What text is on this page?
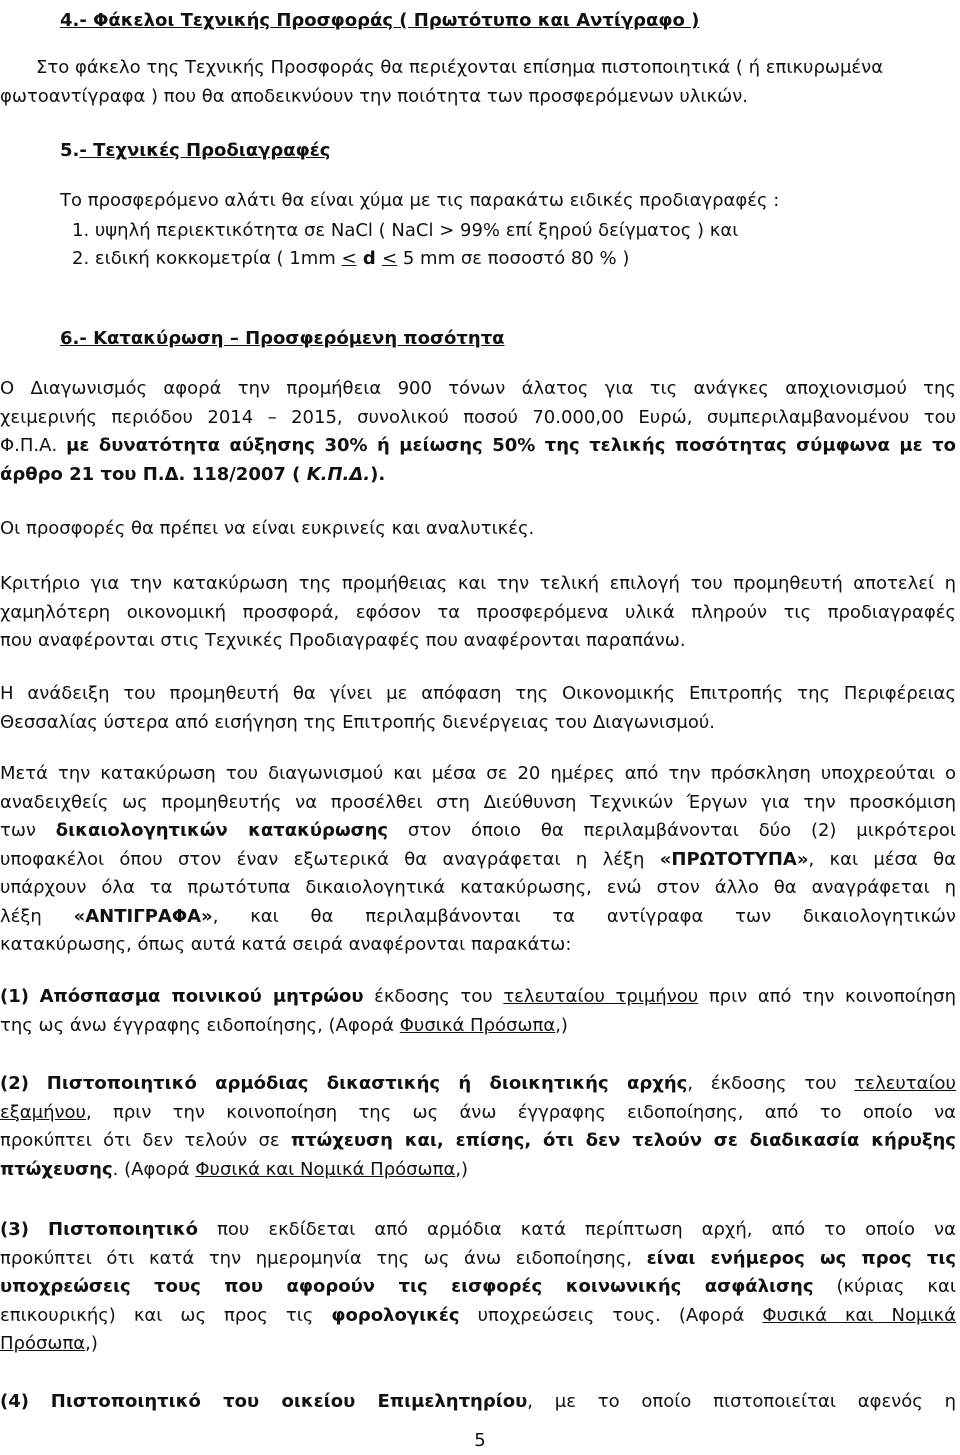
4.- Φάκελοι Τεχνικής Προσφοράς ( Πρωτότυπο και Αντίγραφο )
Στο φάκελο της Τεχνικής Προσφοράς θα περιέχονται επίσημα πιστοποιητικά ( ή επικυρωμένα
φωτοαντίγραφα ) που θα αποδεικνύουν την ποιότητα των προσφερόμενων υλικών.
5.- Τεχνικές Προδιαγραφές
Το προσφερόμενο αλάτι θα είναι χύμα με τις παρακάτω ειδικές προδιαγραφές :
1. υψηλή περιεκτικότητα σε NaCl ( NaCl > 99% επί ξηρού δείγματος ) και
2. ειδική κοκκομετρία ( 1mm < d < 5 mm σε ποσοστό 80 % )
6.- Κατακύρωση – Προσφερόμενη ποσότητα
Ο Διαγωνισμός αφορά την προμήθεια 900 τόνων άλατος για τις ανάγκες αποχιονισμού της
χειμερινής περιόδου 2014 – 2015, συνολικού ποσού 70.000,00 Ευρώ, συμπεριλαμβανομένου του
Φ.Π.Α. με δυνατότητα αύξησης 30% ή μείωσης 50% της τελικής ποσότητας σύμφωνα με το
άρθρο 21 του Π.Δ. 118/2007 ( Κ.Π.Δ.).
Οι προσφορές θα πρέπει να είναι ευκρινείς και αναλυτικές.
Κριτήριο για την κατακύρωση της προμήθειας και την τελική επιλογή του προμηθευτή αποτελεί η
χαμηλότερη οικονομική προσφορά, εφόσον τα προσφερόμενα υλικά πληρούν τις προδιαγραφές
που αναφέρονται στις Τεχνικές Προδιαγραφές που αναφέρονται παραπάνω.
Η ανάδειξη του προμηθευτή θα γίνει με απόφαση της Οικονομικής Επιτροπής της Περιφέρειας
Θεσσαλίας ύστερα από εισήγηση της Επιτροπής διενέργειας του Διαγωνισμού.
Μετά την κατακύρωση του διαγωνισμού και μέσα σε 20 ημέρες από την πρόσκληση υποχρεούται ο
αναδειχθείς ως προμηθευτής να προσέλθει στη Διεύθυνση Τεχνικών Έργων για την προσκόμιση
των δικαιολογητικών κατακύρωσης στον όποιο θα περιλαμβάνονται δύο (2) μικρότεροι
υποφακέλοι όπου στον έναν εξωτερικά θα αναγράφεται η λέξη «ΠΡΩΤΟΤΥΠΑ», και μέσα θα
υπάρχουν όλα τα πρωτότυπα δικαιολογητικά κατακύρωσης, ενώ στον άλλο θα αναγράφεται η
λέξη «ΑΝΤΙΓΡΑΦΑ», και θα περιλαμβάνονται τα αντίγραφα των δικαιολογητικών
κατακύρωσης, όπως αυτά κατά σειρά αναφέρονται παρακάτω:
(1) Απόσπασμα ποινικού μητρώου έκδοσης του τελευταίου τριμήνου πριν από την κοινοποίηση
της ως άνω έγγραφης ειδοποίησης, (Αφορά Φυσικά Πρόσωπα,)
(2) Πιστοποιητικό αρμόδιας δικαστικής ή διοικητικής αρχής, έκδοσης του τελευταίου
εξαμήνου, πριν την κοινοποίηση της ως άνω έγγραφης ειδοποίησης, από το οποίο να
προκύπτει ότι δεν τελούν σε πτώχευση και, επίσης, ότι δεν τελούν σε διαδικασία κήρυξης
πτώχευσης. (Αφορά Φυσικά και Νομικά Πρόσωπα,)
(3) Πιστοποιητικό που εκδίδεται από αρμόδια κατά περίπτωση αρχή, από το οποίο να
προκύπτει ότι κατά την ημερομηνία της ως άνω ειδοποίησης, είναι ενήμερος ως προς τις
υποχρεώσεις τους που αφορούν τις εισφορές κοινωνικής ασφάλισης (κύριας και
επικουρικής) και ως προς τις φορολογικές υποχρεώσεις τους. (Αφορά Φυσικά και Νομικά
Πρόσωπα,)
(4) Πιστοποιητικό του οικείου Επιμελητηρίου, με το οποίο πιστοποιείται αφενός η
5
